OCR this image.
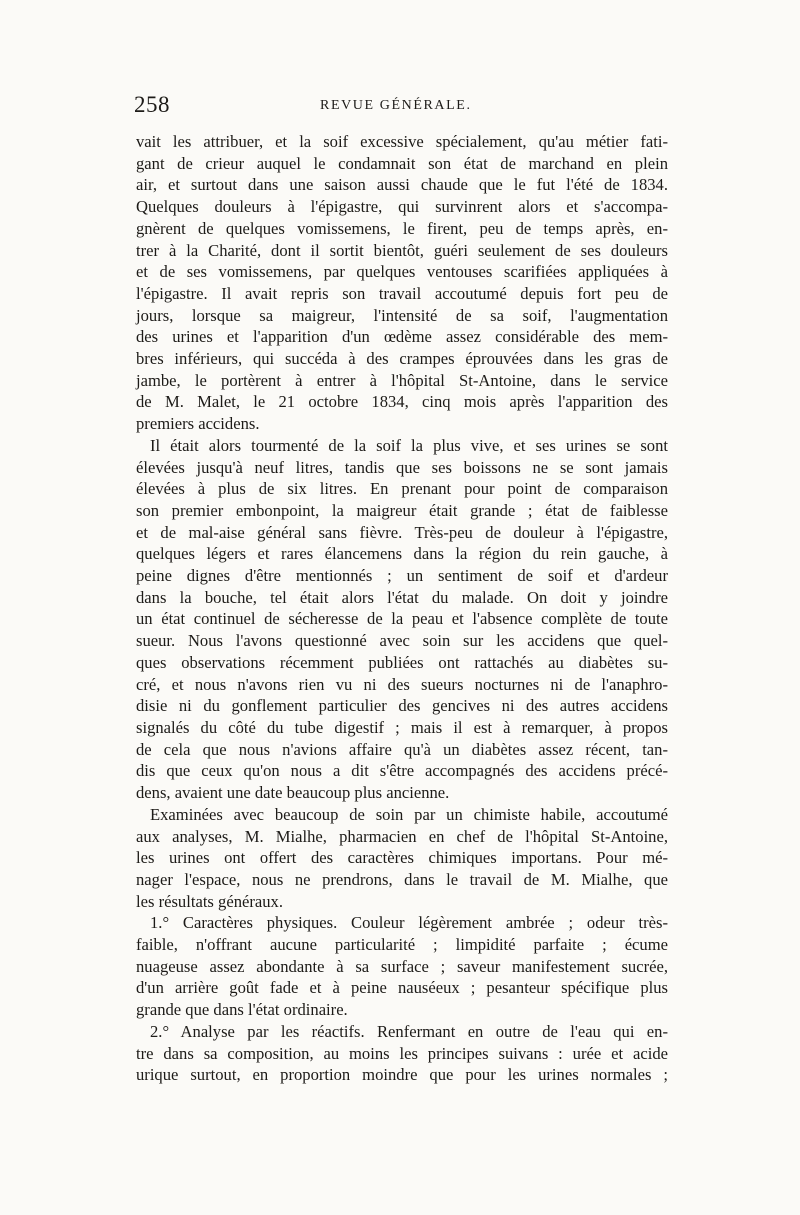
258	REVUE GÉNÉRALE.
vait les attribuer, et la soif excessive spécialement, qu'au métier fati-
gant de crieur auquel le condamnait son état de marchand en plein
air, et surtout dans une saison aussi chaude que le fut l'été de 1834.
Quelques douleurs à l'épigastre, qui survinrent alors et s'accompa-
gnèrent de quelques vomissemens, le firent, peu de temps après, en-
trer à la Charité, dont il sortit bientôt, guéri seulement de ses douleurs
et de ses vomissemens, par quelques ventouses scarifiées appliquées à
l'épigastre. Il avait repris son travail accoutumé depuis fort peu de
jours, lorsque sa maigreur, l'intensité de sa soif, l'augmentation
des urines et l'apparition d'un œdème assez considérable des mem-
bres inférieurs, qui succéda à des crampes éprouvées dans les gras de
jambe, le portèrent à entrer à l'hôpital St-Antoine, dans le service
de M. Malet, le 21 octobre 1834, cinq mois après l'apparition des
premiers accidens.
Il était alors tourmenté de la soif la plus vive, et ses urines se sont
élevées jusqu'à neuf litres, tandis que ses boissons ne se sont jamais
élevées à plus de six litres. En prenant pour point de comparaison
son premier embonpoint, la maigreur était grande ; état de faiblesse
et de mal-aise général sans fièvre. Très-peu de douleur à l'épigastre,
quelques légers et rares élancemens dans la région du rein gauche, à
peine dignes d'être mentionnés ; un sentiment de soif et d'ardeur
dans la bouche, tel était alors l'état du malade. On doit y joindre
un état continuel de sécheresse de la peau et l'absence complète de toute
sueur. Nous l'avons questionné avec soin sur les accidens que quel-
ques observations récemment publiées ont rattachés au diabètes su-
cré, et nous n'avons rien vu ni des sueurs nocturnes ni de l'anaphro-
disie ni du gonflement particulier des gencives ni des autres accidens
signalés du côté du tube digestif ; mais il est à remarquer, à propos
de cela que nous n'avions affaire qu'à un diabètes assez récent, tan-
dis que ceux qu'on nous a dit s'être accompagnés des accidens précé-
dens, avaient une date beaucoup plus ancienne.
Examinées avec beaucoup de soin par un chimiste habile, accoutumé
aux analyses, M. Mialhe, pharmacien en chef de l'hôpital St-Antoine,
les urines ont offert des caractères chimiques importans. Pour mé-
nager l'espace, nous ne prendrons, dans le travail de M. Mialhe, que
les résultats généraux.
1.° Caractères physiques. Couleur légèrement ambrée ; odeur très-
faible, n'offrant aucune particularité ; limpidité parfaite ; écume
nuageuse assez abondante à sa surface ; saveur manifestement sucrée,
d'un arrière goût fade et à peine nauséeux ; pesanteur spécifique plus
grande que dans l'état ordinaire.
2.° Analyse par les réactifs. Renfermant en outre de l'eau qui en-
tre dans sa composition, au moins les principes suivans : urée et acide
urique surtout, en proportion moindre que pour les urines normales ;
